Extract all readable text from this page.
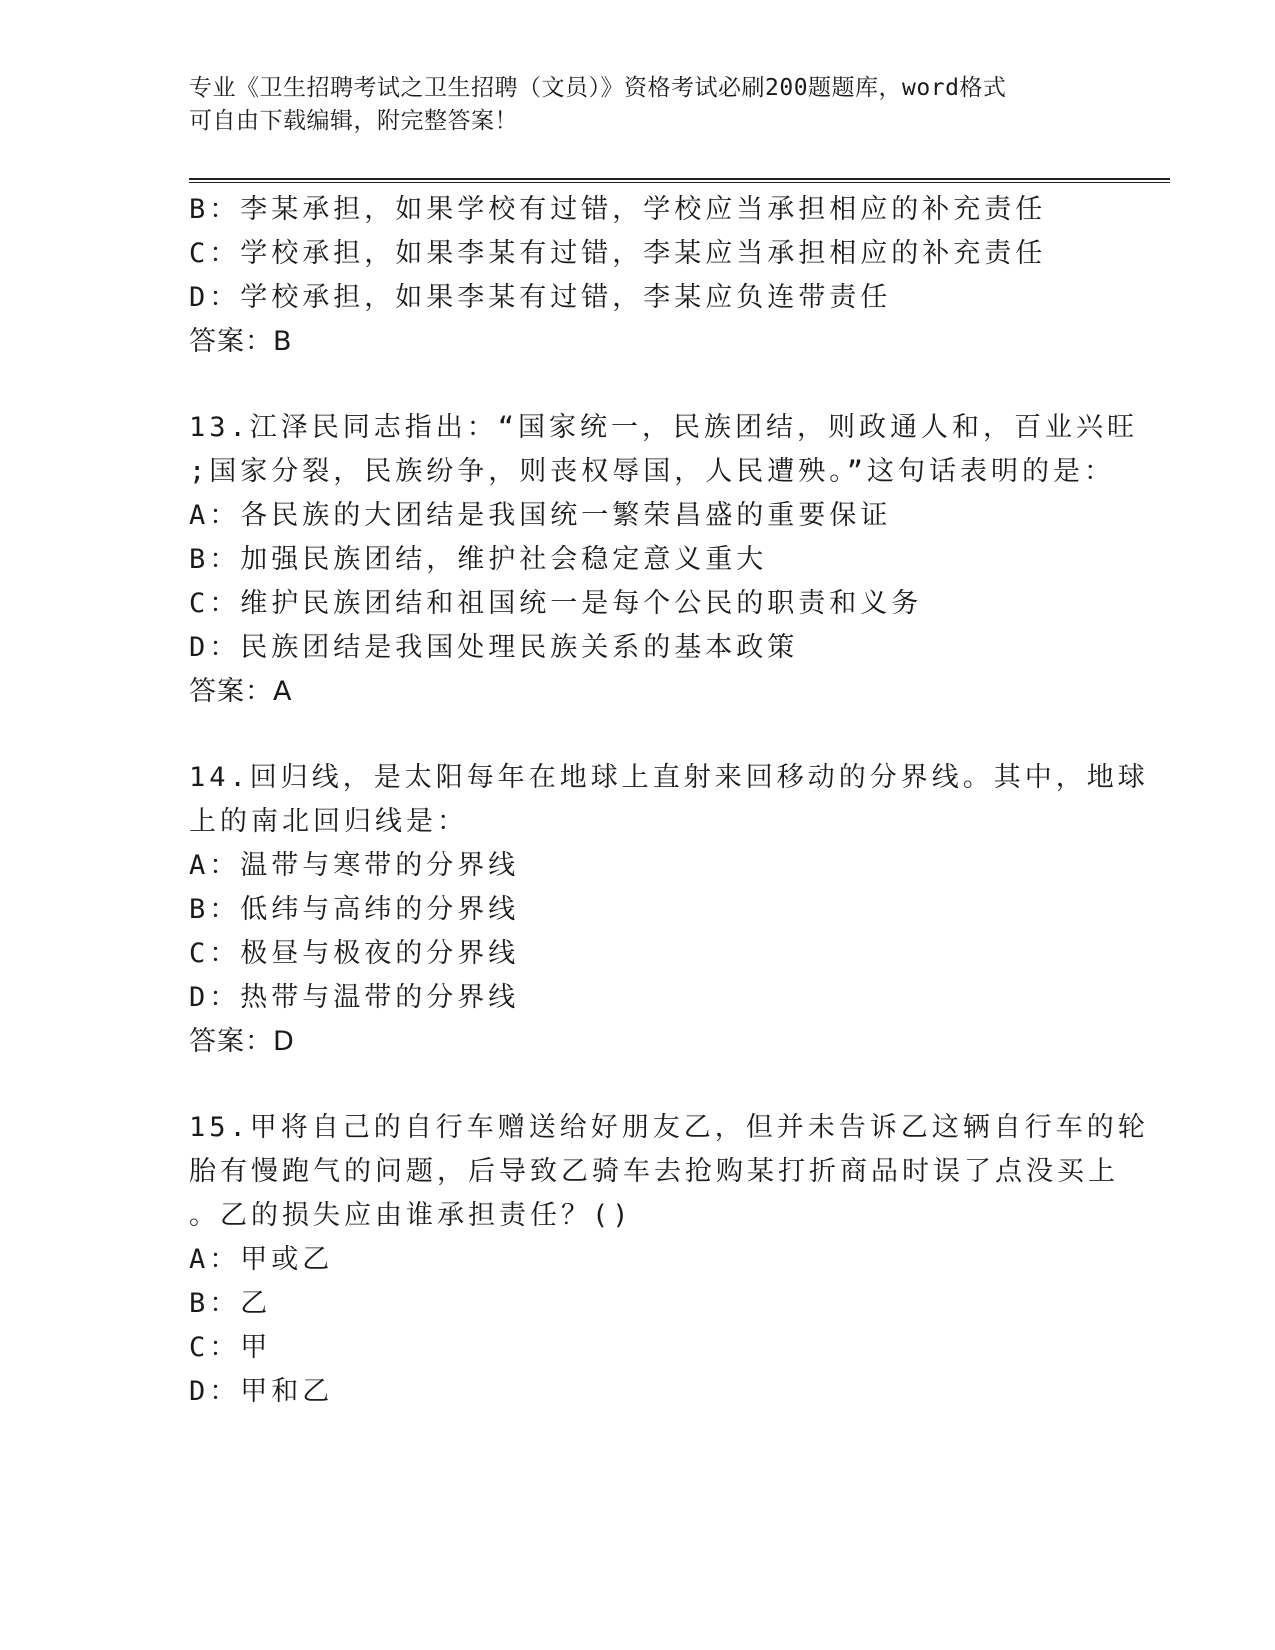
专业《卫生招聘考试之卫生招聘（文员）》资格考试必刷200题题库，word格式
可自由下载编辑，附完整答案！
B：李某承担，如果学校有过错，学校应当承担相应的补充责任
C：学校承担，如果李某有过错，李某应当承担相应的补充责任
D：学校承担，如果李某有过错，李某应负连带责任
答案：B
13.江泽民同志指出：“国家统一，民族团结，则政通人和，百业兴旺
;国家分裂，民族纷争，则丧权辱国，人民遭殃。”这句话表明的是：
A：各民族的大团结是我国统一繁荣昌盛的重要保证
B：加强民族团结，维护社会稳定意义重大
C：维护民族团结和祖国统一是每个公民的职责和义务
D：民族团结是我国处理民族关系的基本政策
答案：A
14.回归线，是太阳每年在地球上直射来回移动的分界线。其中，地球
上的南北回归线是：
A：温带与寒带的分界线
B：低纬与高纬的分界线
C：极昼与极夜的分界线
D：热带与温带的分界线
答案：D
15.甲将自己的自行车赠送给好朋友乙，但并未告诉乙这辆自行车的轮
胎有慢跑气的问题，后导致乙骑车去抢购某打折商品时误了点没买上
。乙的损失应由谁承担责任？()
A：甲或乙
B：乙
C：甲
D：甲和乙
